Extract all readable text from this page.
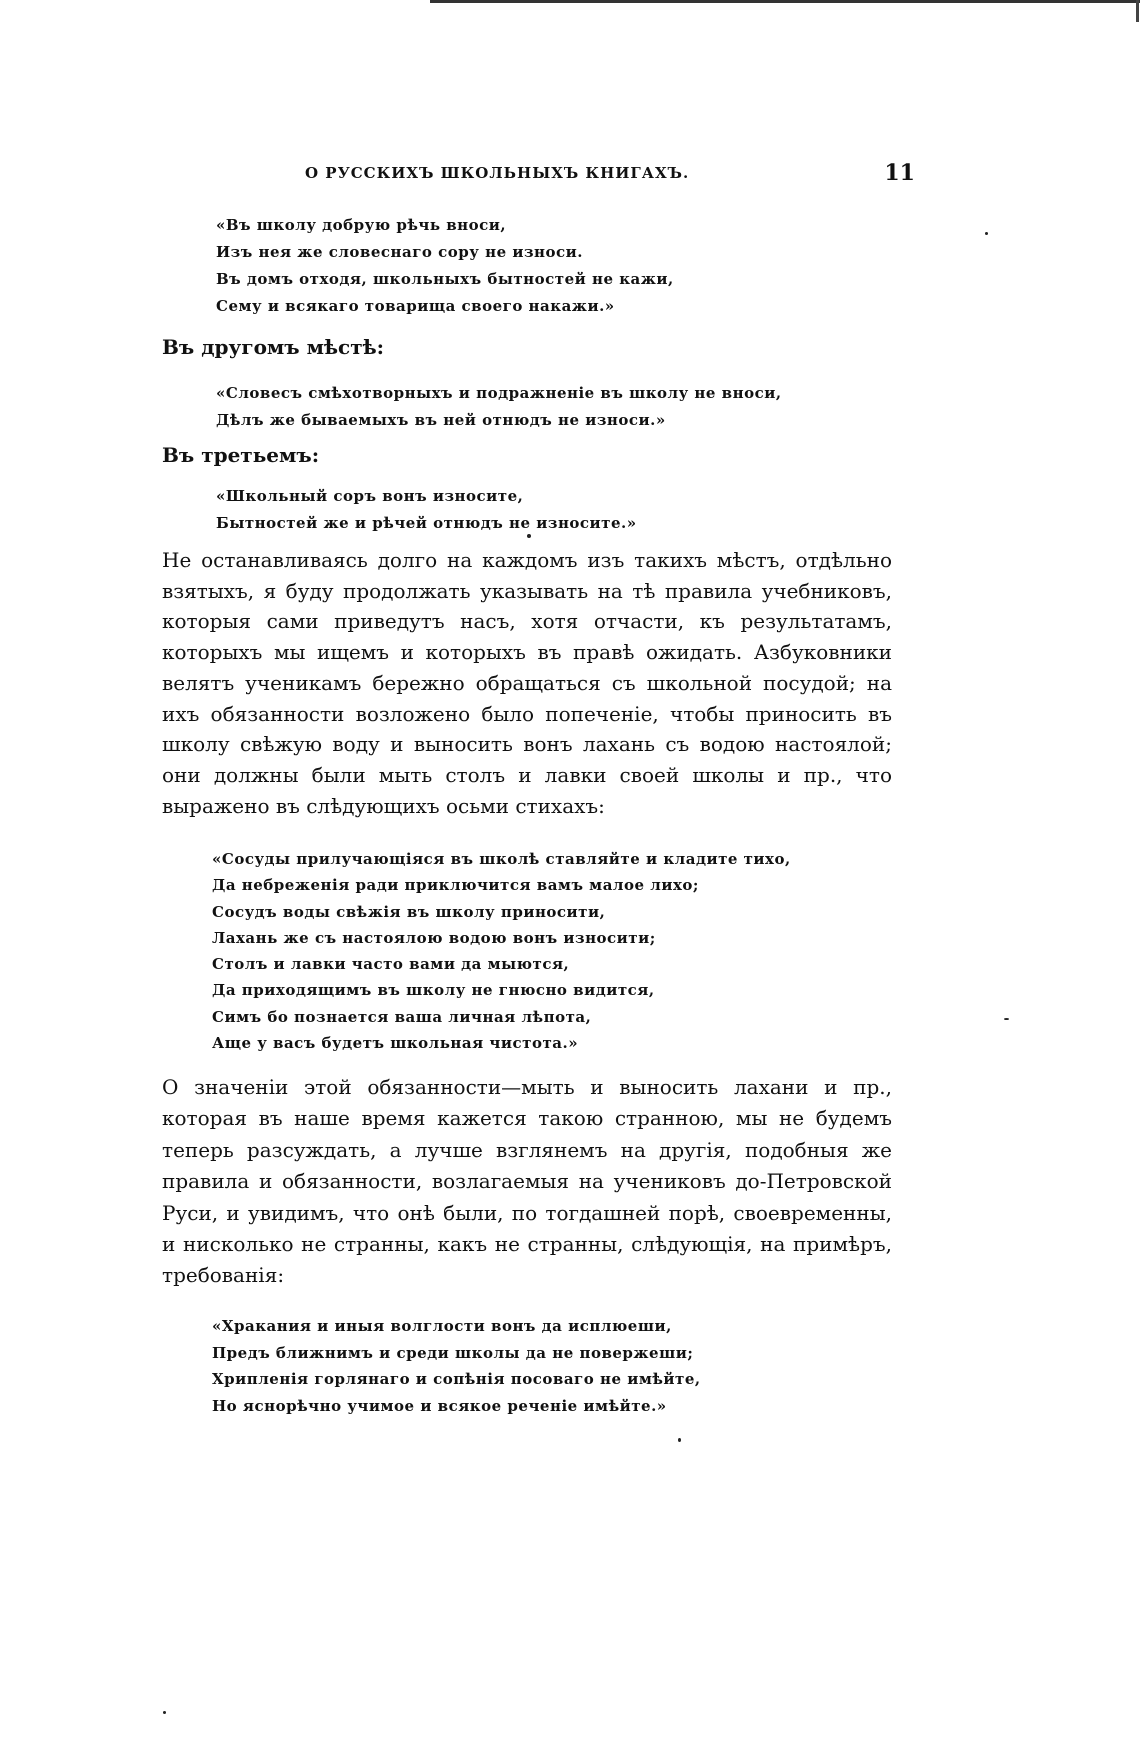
О РУССКИХЪ ШКОЛЬНЫХЪ КНИГАХЪ.	11
«Въ школу добрую рѣчь вноси,
Изъ нея же словеснаго сору не износи.
Въ домъ отходя, школьныхъ бытностей не кажи,
Сему и всякаго товарища своего накажи.»
Въ другомъ мѣстѣ:
«Словесъ смѣхотворныхъ и подражненіе въ школу не вноси,
Дѣлъ же бываемыхъ въ ней отнюдъ не износи.»
Въ третьемъ:
«Школьный соръ вонъ износите,
Бытностей же и рѣчей отнюдъ не износите.»

Не останавливаясь долго на каждомъ изъ такихъ мѣстъ, отдѣльно взятыхъ, я буду продолжать указывать на тѣ правила учебниковъ, которыя сами приведутъ насъ, хотя отчасти, къ результатамъ, которыхъ мы ищемъ и которыхъ въ правѣ ожидать. Азбуковники велятъ ученикамъ бережно обращаться съ школьной посудой; на ихъ обязанности возложено было попеченіе, чтобы приносить въ школу свѣжую воду и выносить вонъ лахань съ водою настоялой; они должны были мыть столъ и лавки своей школы и пр., что выражено въ слѣдующихъ осьми стихахъ:

«Сосуды прилучающіяся въ школѣ ставляйте и кладите тихо,
Да небреженія ради приключится вамъ малое лихо;
Сосудъ воды свѣжія въ школу приносити,
Лахань же съ настоялою водою вонъ износити;
Столъ и лавки часто вами да мыются,
Да приходящимъ въ школу не гнюсно видится,
Симъ бо познается ваша личная лѣпота,
Аще у васъ будетъ школьная чистота.»

О значеніи этой обязанности—мыть и выносить лахани и пр., которая въ наше время кажется такою странною, мы не будемъ теперь разсуждать, а лучше взглянемъ на другія, подобныя же правила и обязанности, возлагаемыя на учениковъ до-Петровской Руси, и увидимъ, что онѣ были, по тогдашней порѣ, своевременны, и нисколько не странны, какъ не странны, слѣдующія, на примѣръ, требованія:

«Хракания и иныя волглости вонъ да исплюеши,
Предъ ближнимъ и среди школы да не повержеши;
Хрипленія горлянаго и сопѣнія посоваго не имѣйте,
Но яснорѣчно учимое и всякое реченіе имѣйте.»
